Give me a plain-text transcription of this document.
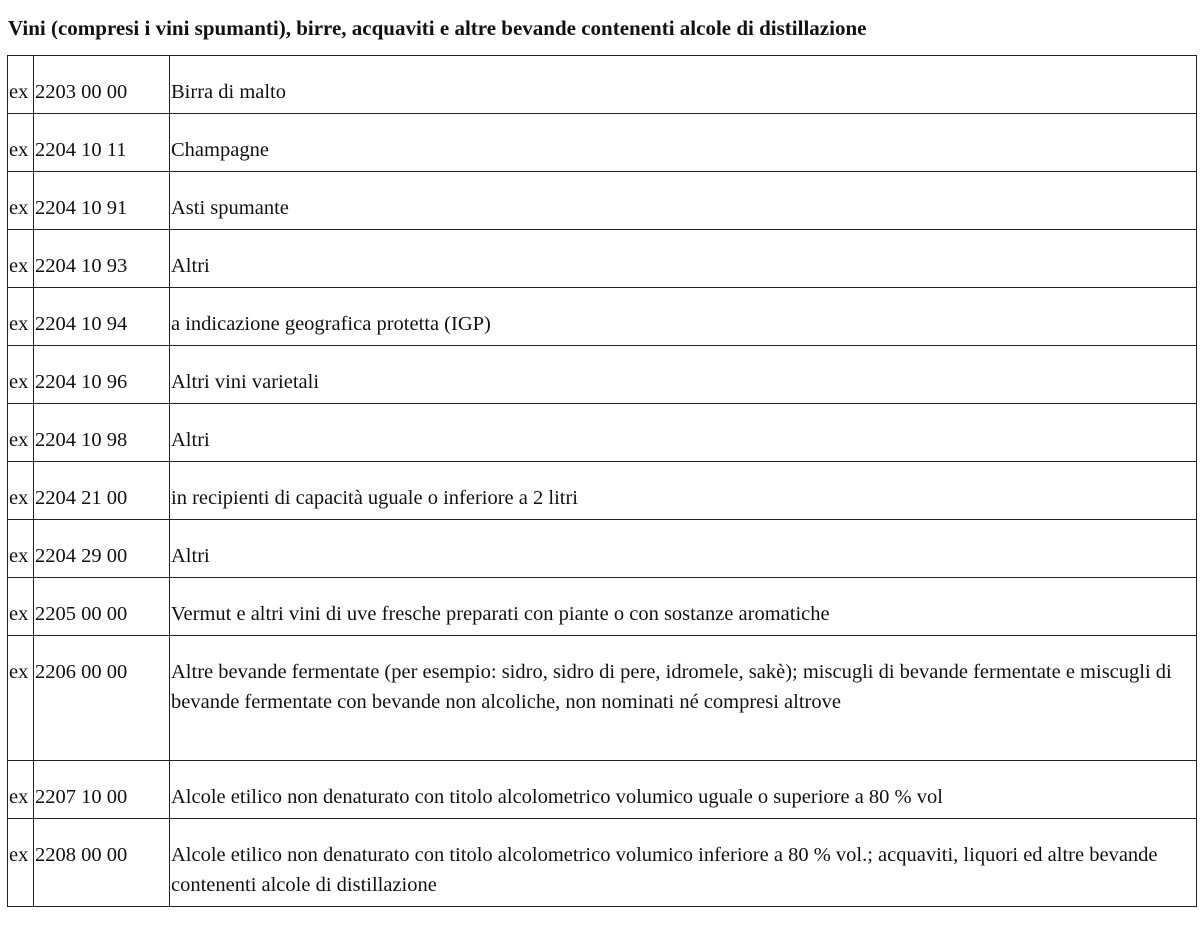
Vini (compresi i vini spumanti), birre, acquaviti e altre bevande contenenti alcole di distillazione
ex	2203 00 00	Birra di malto
ex	2204 10 11	Champagne
ex	2204 10 91	Asti spumante
ex	2204 10 93	Altri
ex	2204 10 94	a indicazione geografica protetta (IGP)
ex	2204 10 96	Altri vini varietali
ex	2204 10 98	Altri
ex	2204 21 00	in recipienti di capacità uguale o inferiore a 2 litri
ex	2204 29 00	Altri
ex	2205 00 00	Vermut e altri vini di uve fresche preparati con piante o con sostanze aromatiche
ex	2206 00 00	Altre bevande fermentate (per esempio: sidro, sidro di pere, idromele, sakè); miscugli di bevande fermentate e miscugli di bevande fermentate con bevande non alcoliche, non nominati né compresi altrove
ex	2207 10 00	Alcole etilico non denaturato con titolo alcolometrico volumico uguale o superiore a 80 % vol
ex	2208 00 00	Alcole etilico non denaturato con titolo alcolometrico volumico inferiore a 80 % vol.; acquaviti, liquori ed altre bevande contenenti alcole di distillazione
